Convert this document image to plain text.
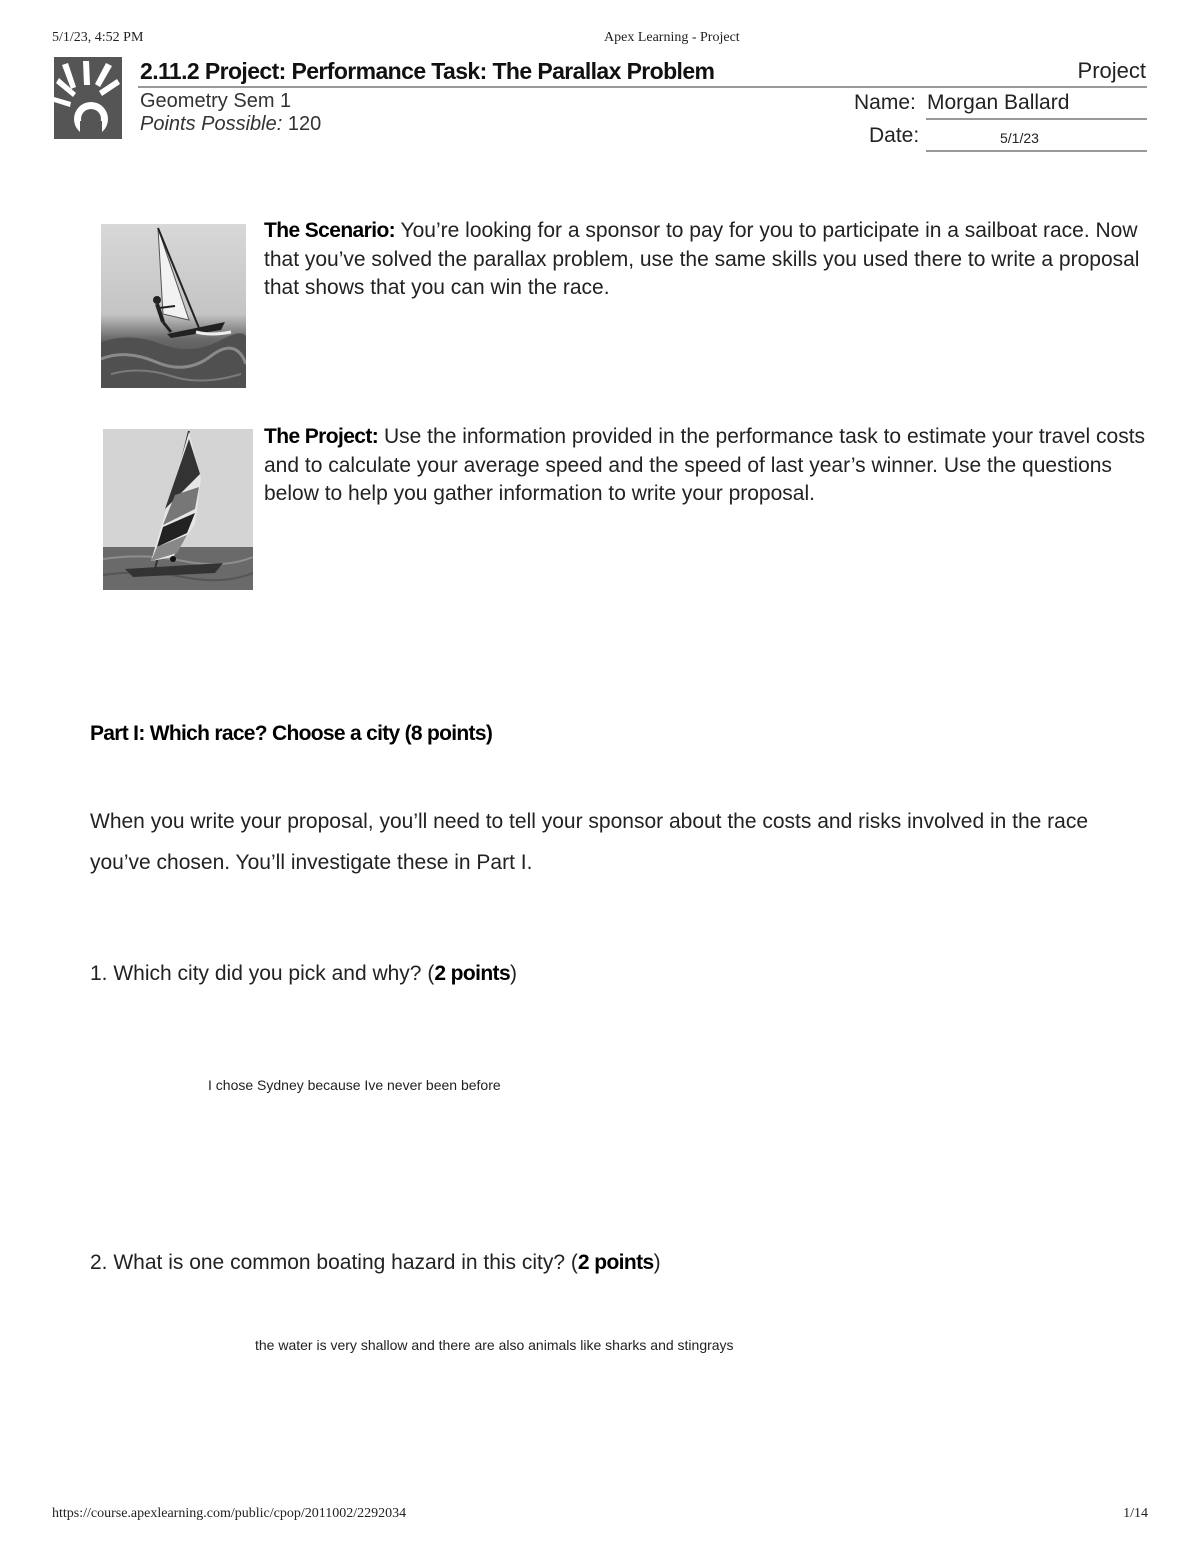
5/1/23, 4:52 PM	Apex Learning - Project
2.11.2 Project: Performance Task: The Parallax Problem	Project
Geometry Sem 1
Points Possible: 120
Name: Morgan Ballard
Date:	5/1/23
The Scenario: You’re looking for a sponsor to pay for you to participate in a sailboat race. Now that you’ve solved the parallax problem, use the same skills you used there to write a proposal that shows that you can win the race.
The Project: Use the information provided in the performance task to estimate your travel costs and to calculate your average speed and the speed of last year’s winner. Use the questions below to help you gather information to write your proposal.
Part I: Which race? Choose a city (8 points)
When you write your proposal, you’ll need to tell your sponsor about the costs and risks involved in the race you’ve chosen. You’ll investigate these in Part I.
1. Which city did you pick and why? (2 points)
I chose Sydney because Ive never been before
2. What is one common boating hazard in this city? (2 points)
the water is very shallow and there are also animals like sharks and stingrays
https://course.apexlearning.com/public/cpop/2011002/2292034	1/14
